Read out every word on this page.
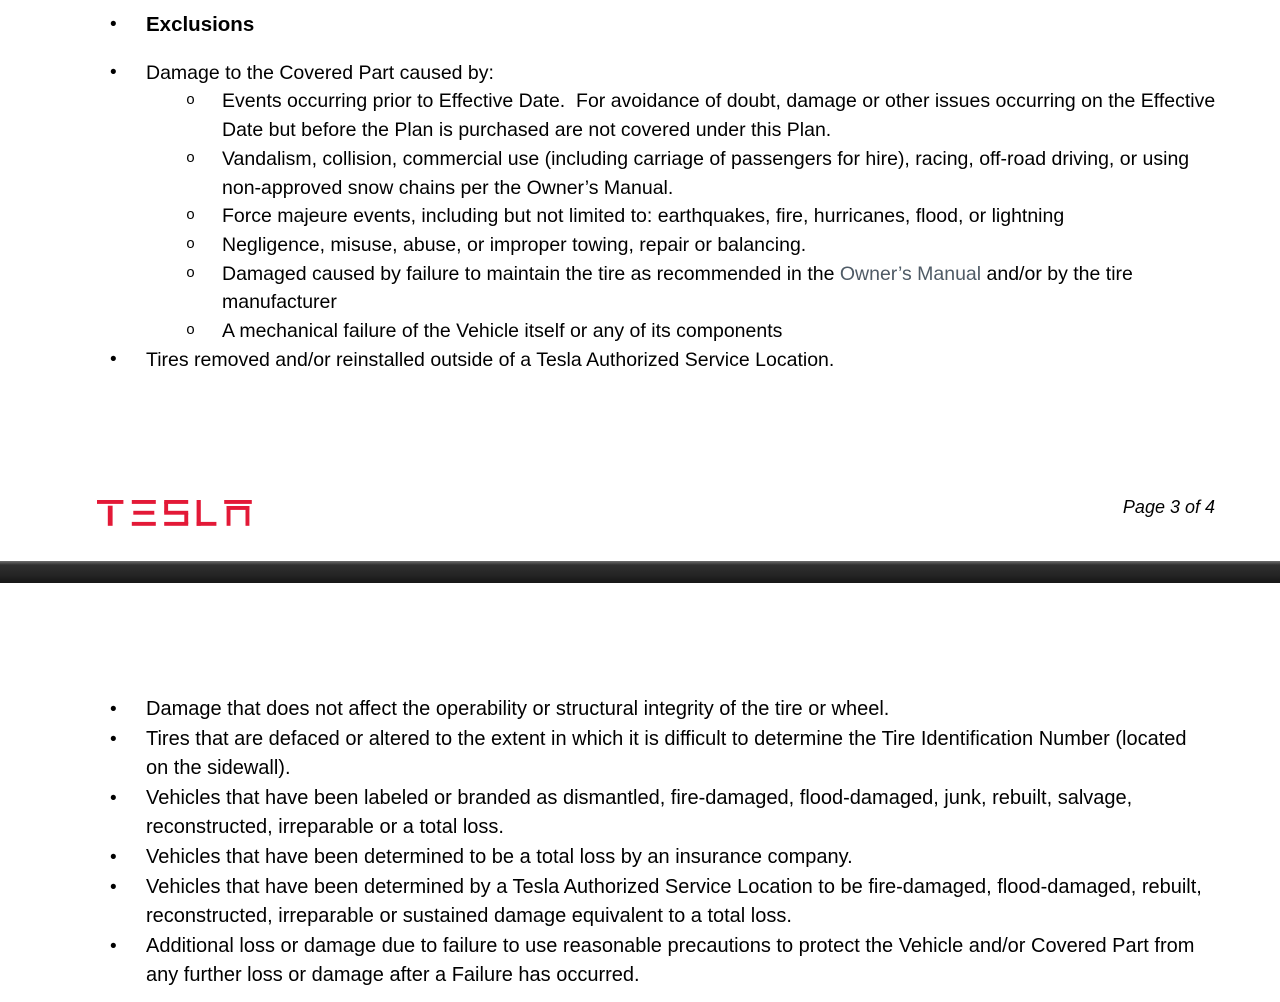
• Exclusions
• Damage to the Covered Part caused by:
o Events occurring prior to Effective Date.  For avoidance of doubt, damage or other issues occurring on the Effective Date but before the Plan is purchased are not covered under this Plan.
o Vandalism, collision, commercial use (including carriage of passengers for hire), racing, off-road driving, or using non-approved snow chains per the Owner’s Manual.
o Force majeure events, including but not limited to: earthquakes, fire, hurricanes, flood, or lightning
o Negligence, misuse, abuse, or improper towing, repair or balancing.
o Damaged caused by failure to maintain the tire as recommended in the Owner’s Manual and/or by the tire manufacturer
o A mechanical failure of the Vehicle itself or any of its components
• Tires removed and/or reinstalled outside of a Tesla Authorized Service Location.
Page 3 of 4
• Damage that does not affect the operability or structural integrity of the tire or wheel.
• Tires that are defaced or altered to the extent in which it is difficult to determine the Tire Identification Number (located on the sidewall).
• Vehicles that have been labeled or branded as dismantled, fire-damaged, flood-damaged, junk, rebuilt, salvage, reconstructed, irreparable or a total loss.
• Vehicles that have been determined to be a total loss by an insurance company.
• Vehicles that have been determined by a Tesla Authorized Service Location to be fire-damaged, flood-damaged, rebuilt, reconstructed, irreparable or sustained damage equivalent to a total loss.
• Additional loss or damage due to failure to use reasonable precautions to protect the Vehicle and/or Covered Part from any further loss or damage after a Failure has occurred.
